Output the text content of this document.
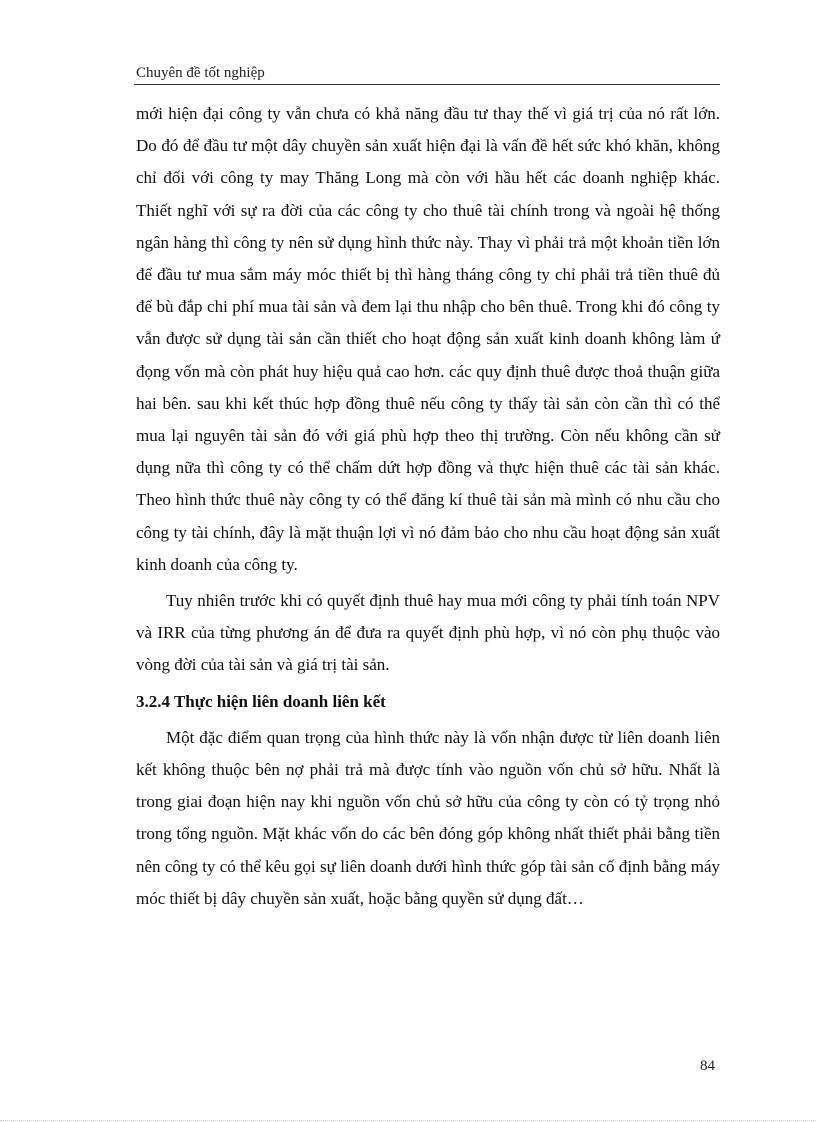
Chuyên đề tốt nghiệp

mới hiện đại công ty vẫn chưa có khả năng đầu tư thay thế vì giá trị của nó rất lớn. Do đó để đầu tư một dây chuyền sản xuất hiện đại là vấn đề hết sức khó khăn, không chỉ đối với công ty may Thăng Long mà còn với hầu hết các doanh nghiệp khác. Thiết nghĩ với sự ra đời của các công ty cho thuê tài chính trong và ngoài hệ thống ngân hàng thì công ty nên sử dụng hình thức này. Thay vì phải trả một khoản tiền lớn để đầu tư mua sắm máy móc thiết bị thì hàng tháng công ty chỉ phải trả tiền thuê đủ để bù đắp chi phí mua tài sản và đem lại thu nhập cho bên thuê. Trong khi đó công ty vẫn được sử dụng tài sản cần thiết cho hoạt động sản xuất kinh doanh không làm ứ đọng vốn mà còn phát huy hiệu quả cao hơn. các quy định thuê được thoả thuận giữa hai bên. sau khi kết thúc hợp đồng thuê nếu công ty thấy tài sản còn cần thì có thể mua lại nguyên tài sản đó với giá phù hợp theo thị trường. Còn nếu không cần sử dụng nữa thì công ty có thể chấm dứt hợp đồng và thực hiện thuê các tài sản khác. Theo hình thức thuê này công ty có thể đăng kí thuê tài sản mà mình có nhu cầu cho công ty tài chính, đây là mặt thuận lợi vì nó đảm bảo cho nhu cầu hoạt động sản xuất kinh doanh của công ty.

Tuy nhiên trước khi có quyết định thuê hay mua mới công ty phải tính toán NPV và IRR của từng phương án để đưa ra quyết định phù hợp, vì nó còn phụ thuộc vào vòng đời của tài sản và giá trị tài sản.

3.2.4 Thực hiện liên doanh liên kết

Một đặc điểm quan trọng của hình thức này là vốn nhận được từ liên doanh liên kết không thuộc bên nợ phải trả mà được tính vào nguồn vốn chủ sở hữu. Nhất là trong giai đoạn hiện nay khi nguồn vốn chủ sở hữu của công ty còn có tỷ trọng nhỏ trong tổng nguồn. Mặt khác vốn do các bên đóng góp không nhất thiết phải bằng tiền nên công ty có thể kêu gọi sự liên doanh dưới hình thức góp tài sản cố định bằng máy móc thiết bị dây chuyền sản xuất, hoặc bằng quyền sử dụng đất…

84
